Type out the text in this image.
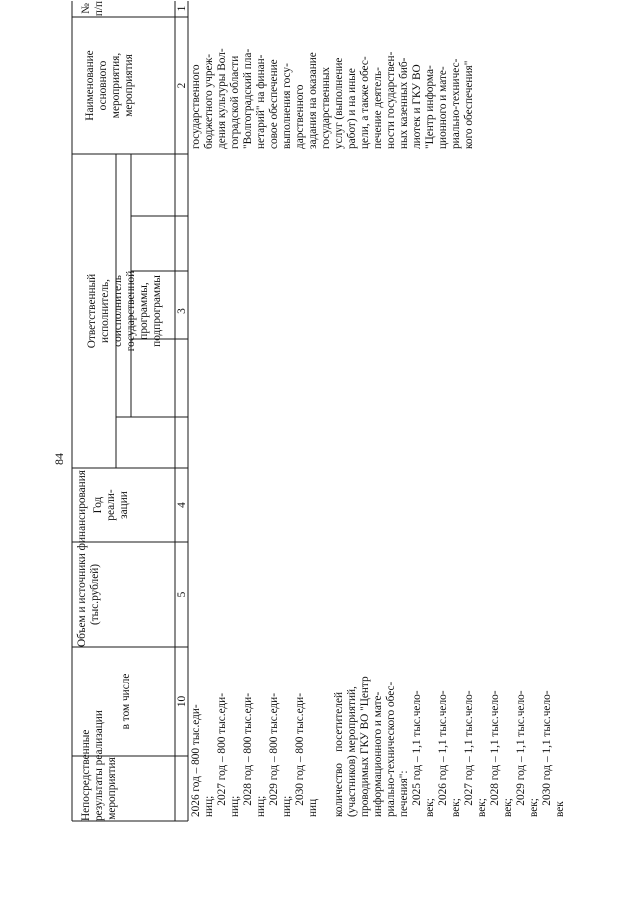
84
№
п/п
Наименование
основного
мероприятия,
мероприятия
Ответственный
исполнитель,
соисполнитель
государственной
программы,
подпрограммы
Год
реали-
зации
Объем и источники финансирования
(тыс.рублей)
в том числе
Непосредственные
результаты реализации
мероприятия
1
2
3
4
5
10
государственного
бюджетного учреж-
дения культуры Вол-
гоградской области
"Волгоградский пла-
нетарий" на финан-
совое обеспечение
выполнения госу-
дарственного
задания на оказание
государственных
услуг (выполнение
работ) и на иные
цели, а также обес-
печение деятель-
ности государствен-
ных казенных биб-
лиотек и ГКУ ВО
"Центр информа-
ционного и мате-
риально-техничес-
кого обеспечения"
2026 год – 800 тыс.еди-
ниц;
2027 год – 800 тыс.еди-
ниц;
2028 год – 800 тыс.еди-
ниц;
2029 год – 800 тыс.еди-
ниц;
2030 год – 800 тыс.еди-
ниц

количество    посетителей
(участников) мероприятий,
проводимых ГКУ ВО "Центр
информационного и мате-
риально-технического обес-
печения":
2025 год – 1,1 тыс.чело-
век;
2026 год – 1,1 тыс.чело-
век;
2027 год – 1,1 тыс.чело-
век;
2028 год – 1,1 тыс.чело-
век;
2029 год – 1,1 тыс.чело-
век;
2030 год – 1,1 тыс.чело-
век
